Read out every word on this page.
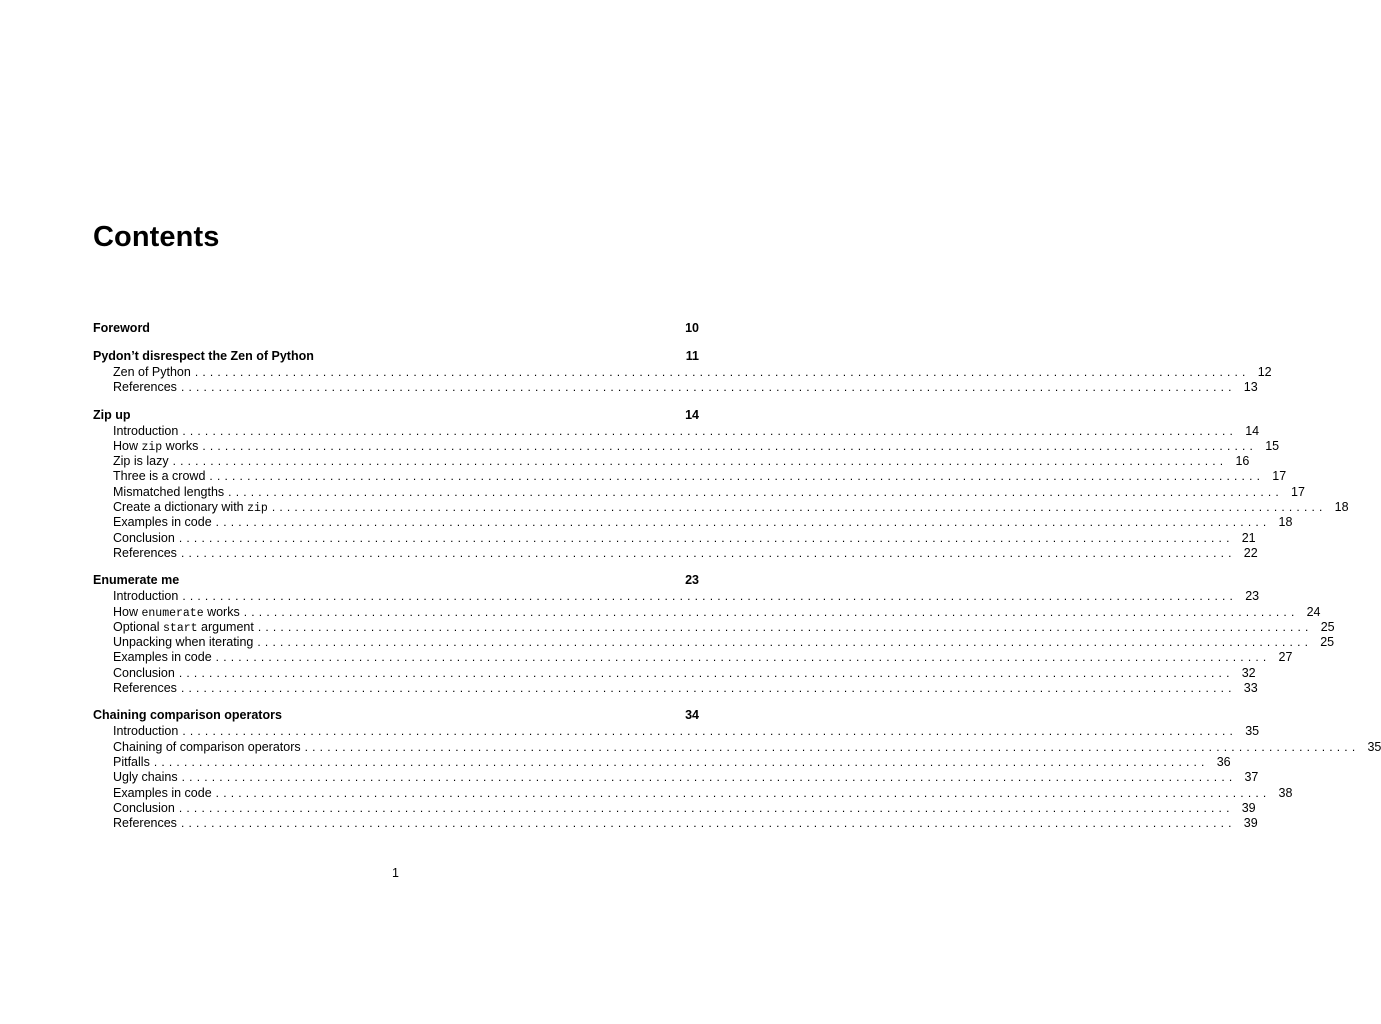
Contents
Foreword	10
Pydon’t disrespect the Zen of Python	11
Zen of Python ............................................................................................................................................ 12
References ............................................................................................................................................ 13
Zip up	14
Introduction ............................................................................................................................................ 14
How zip works ............................................................................................................................................ 15
Zip is lazy ............................................................................................................................................ 16
Three is a crowd ............................................................................................................................................ 17
Mismatched lengths ............................................................................................................................................ 17
Create a dictionary with zip ............................................................................................................................................ 18
Examples in code ............................................................................................................................................ 18
Conclusion ............................................................................................................................................ 21
References ............................................................................................................................................ 22
Enumerate me	23
Introduction ............................................................................................................................................ 23
How enumerate works ............................................................................................................................................ 24
Optional start argument ............................................................................................................................................ 25
Unpacking when iterating ............................................................................................................................................ 25
Examples in code ............................................................................................................................................ 27
Conclusion ............................................................................................................................................ 32
References ............................................................................................................................................ 33
Chaining comparison operators	34
Introduction ............................................................................................................................................ 35
Chaining of comparison operators ............................................................................................................................................ 35
Pitfalls ............................................................................................................................................ 36
Ugly chains ............................................................................................................................................ 37
Examples in code ............................................................................................................................................ 38
Conclusion ............................................................................................................................................ 39
References ............................................................................................................................................ 39
1
